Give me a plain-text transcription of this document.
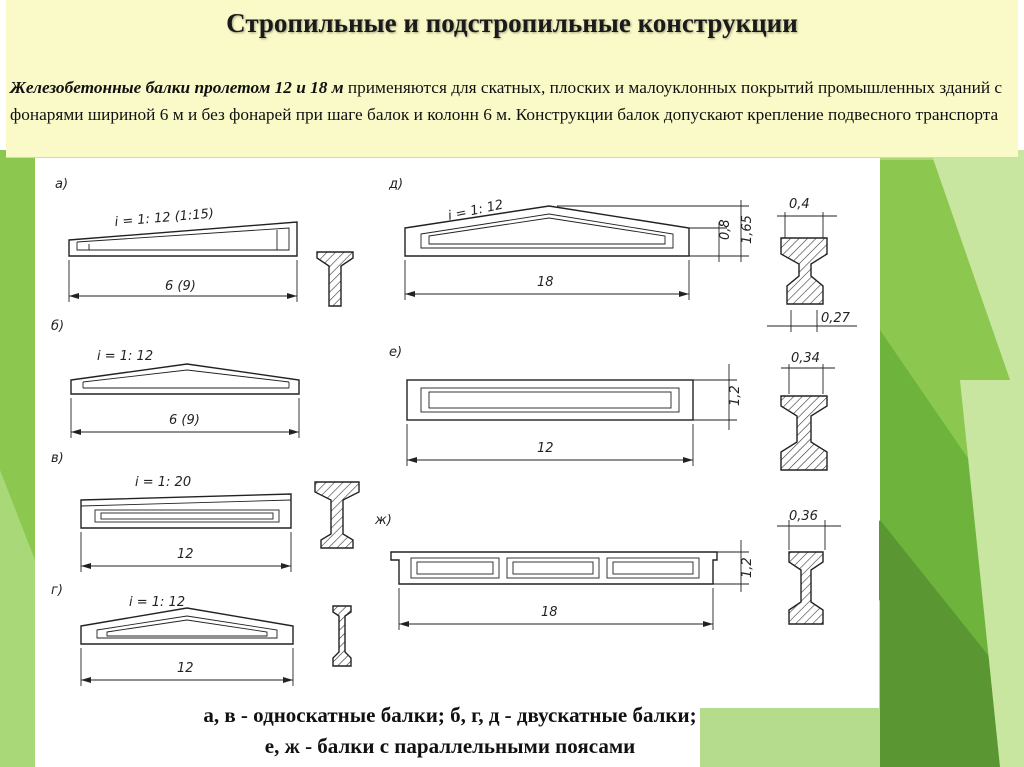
Стропильные и подстропильные конструкции
Железобетонные балки пролетом 12 и 18 м применяются для скатных, плоских и малоуклонных покрытий промышленных зданий с фонарями шириной 6 м и без фонарей при шаге балок и колонн 6 м. Конструкции балок допускают крепление подвесного транспорта
а)
i = 1: 12 (1:15)
6 (9)
б)
i = 1: 12
6 (9)
в)
i = 1: 20
12
г)
i = 1: 12
12
д)
i = 1: 12
0,8 1,65
18
0,4
0,27
е)
1,2
12
0,34
ж)
1,2
18
0,36
а, в - односкатные балки; б, г, д - двускатные балки;
е, ж - балки с параллельными поясами
